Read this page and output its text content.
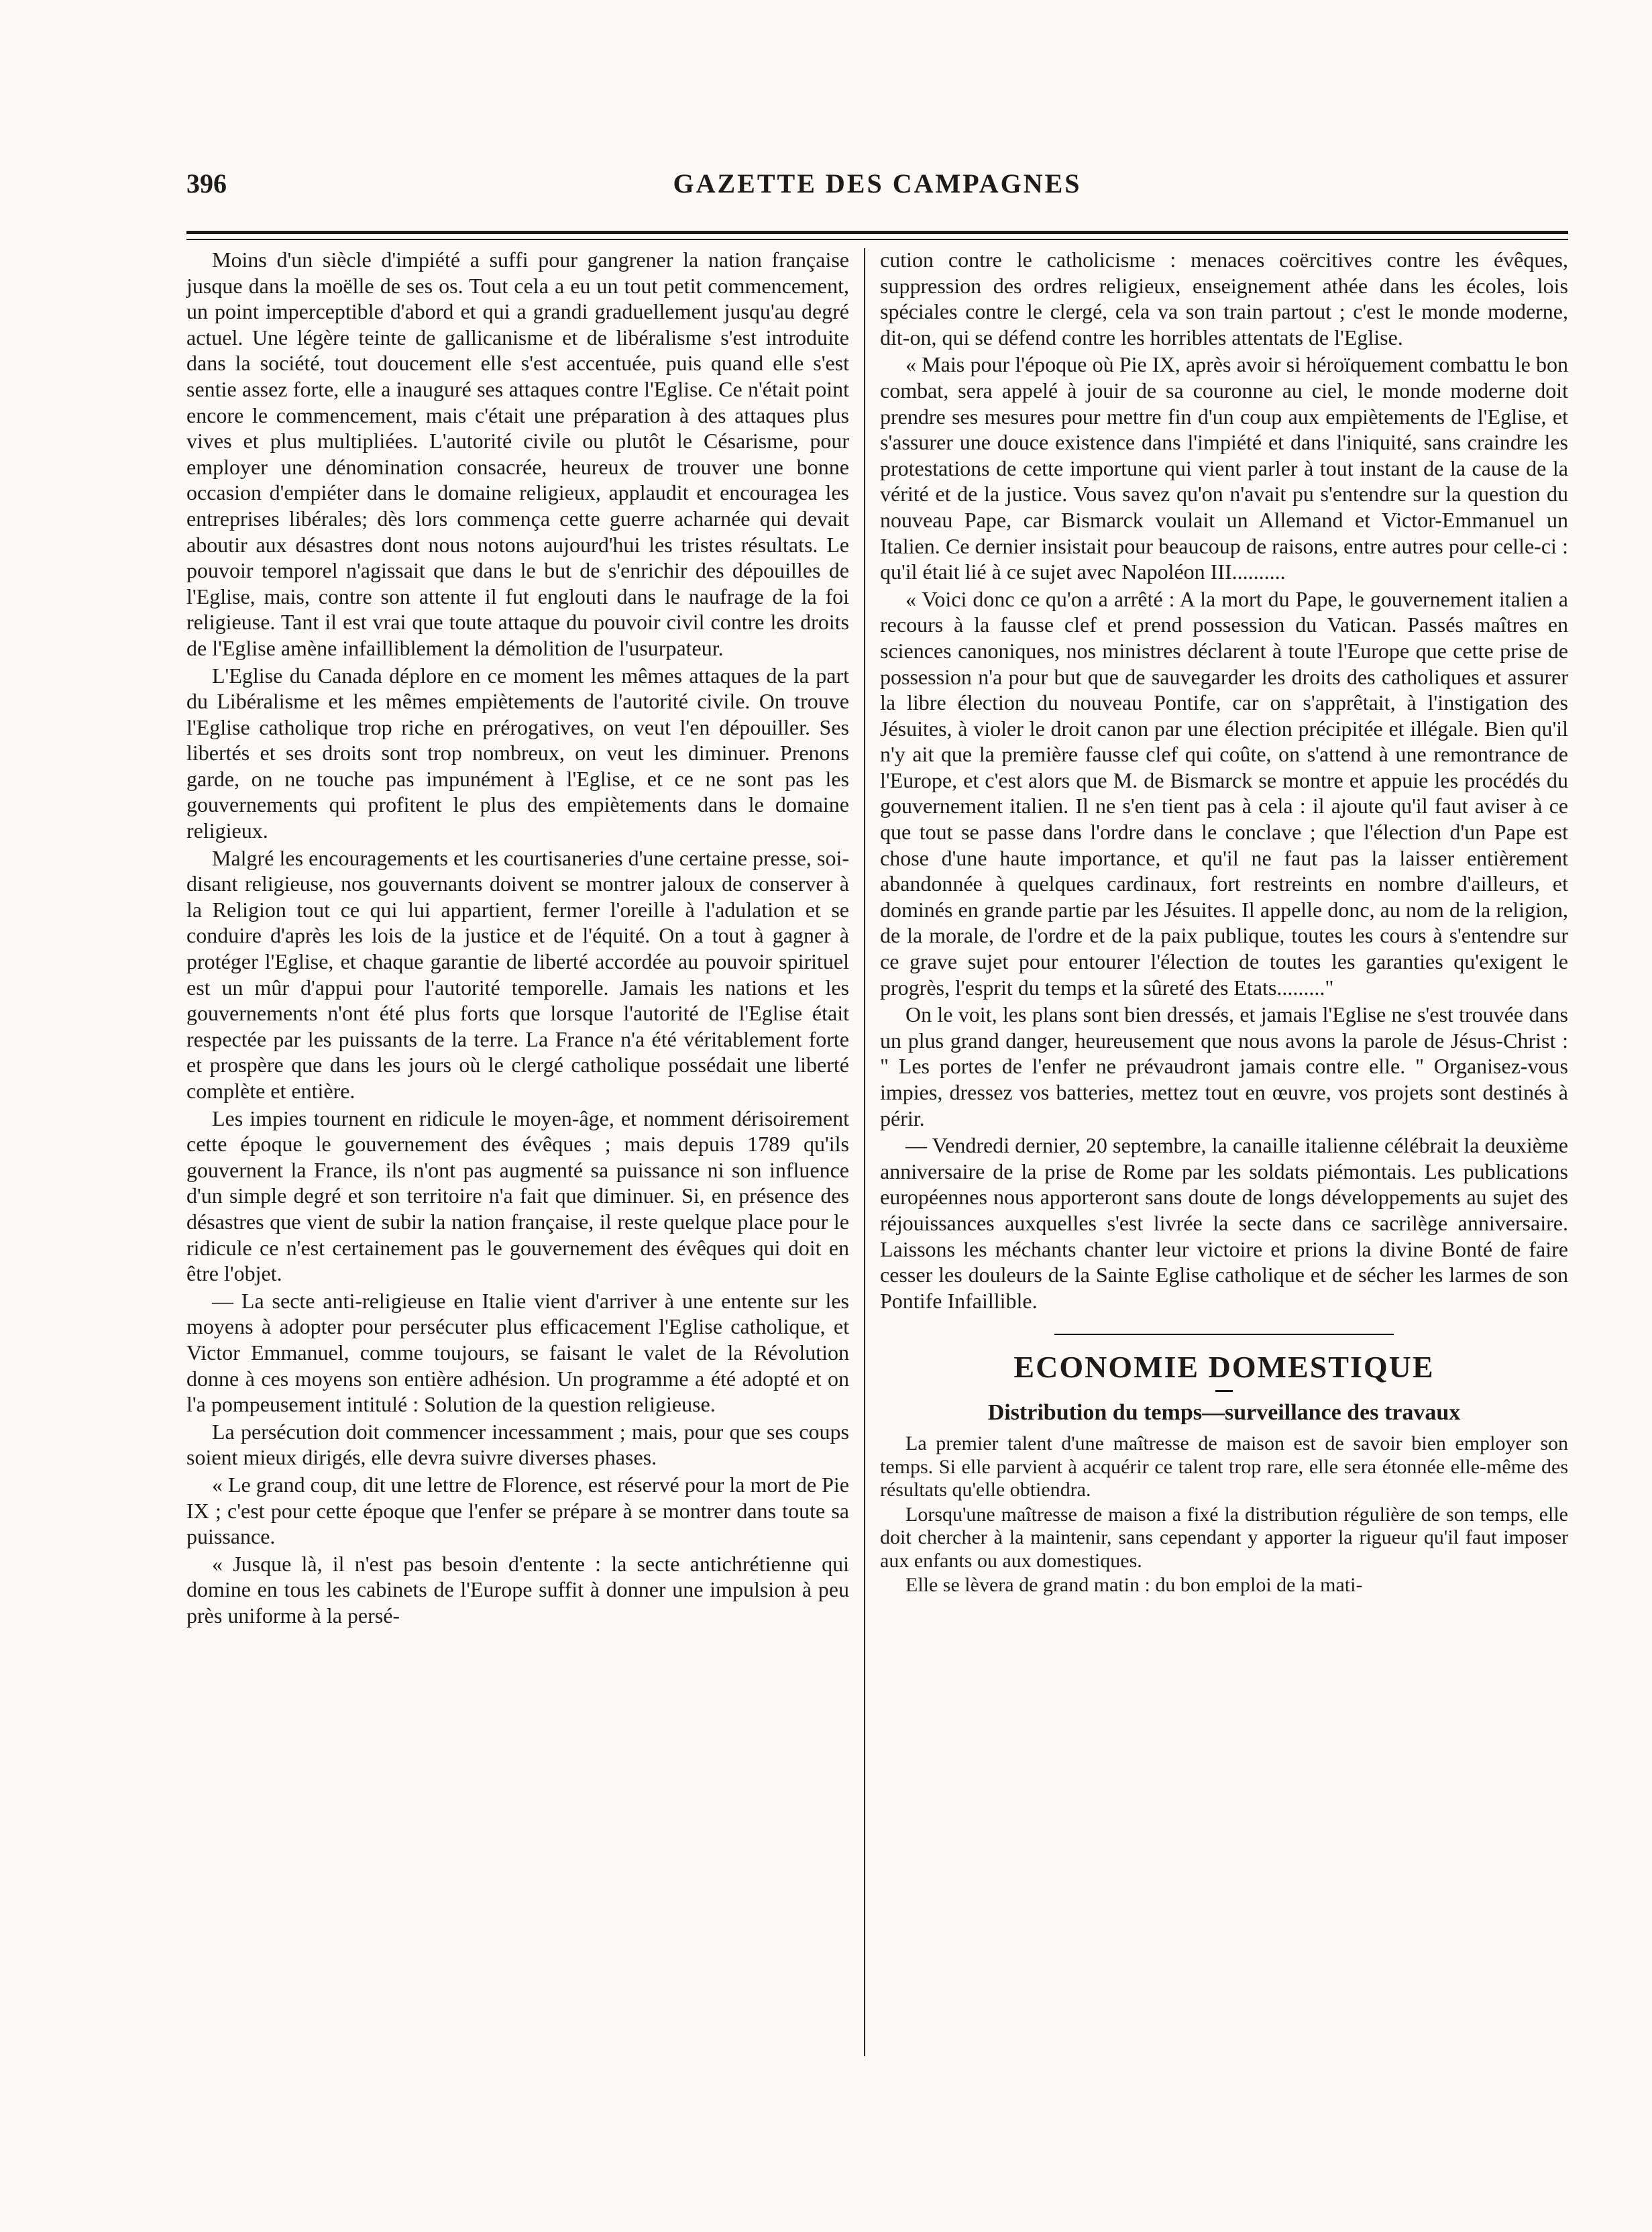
396	GAZETTE DES CAMPAGNES

Moins d'un siècle d'impiété a suffi pour gangrener la nation française jusque dans la moëlle de ses os. Tout cela a eu un tout petit commencement, un point imperceptible d'abord et qui a grandi graduellement jusqu'au degré actuel. Une légère teinte de gallicanisme et de libéralisme s'est introduite dans la société, tout doucement elle s'est accentuée, puis quand elle s'est sentie assez forte, elle a inauguré ses attaques contre l'Eglise. Ce n'était point encore le commencement, mais c'était une préparation à des attaques plus vives et plus multipliées. L'autorité civile ou plutôt le Césarisme, pour employer une dénomination consacrée, heureux de trouver une bonne occasion d'empiéter dans le domaine religieux, applaudit et encouragea les entreprises libérales; dès lors commença cette guerre acharnée qui devait aboutir aux désastres dont nous notons aujourd'hui les tristes résultats. Le pouvoir temporel n'agissait que dans le but de s'enrichir des dépouilles de l'Eglise, mais, contre son attente il fut englouti dans le naufrage de la foi religieuse. Tant il est vrai que toute attaque du pouvoir civil contre les droits de l'Eglise amène infailliblement la démolition de l'usurpateur.

L'Eglise du Canada déplore en ce moment les mêmes attaques de la part du Libéralisme et les mêmes empiètements de l'autorité civile. On trouve l'Eglise catholique trop riche en prérogatives, on veut l'en dépouiller. Ses libertés et ses droits sont trop nombreux, on veut les diminuer. Prenons garde, on ne touche pas impunément à l'Eglise, et ce ne sont pas les gouvernements qui profitent le plus des empiètements dans le domaine religieux.

Malgré les encouragements et les courtisaneries d'une certaine presse, soi-disant religieuse, nos gouvernants doivent se montrer jaloux de conserver à la Religion tout ce qui lui appartient, fermer l'oreille à l'adulation et se conduire d'après les lois de la justice et de l'équité. On a tout à gagner à protéger l'Eglise, et chaque garantie de liberté accordée au pouvoir spirituel est un mûr d'appui pour l'autorité temporelle. Jamais les nations et les gouvernements n'ont été plus forts que lorsque l'autorité de l'Eglise était respectée par les puissants de la terre. La France n'a été véritablement forte et prospère que dans les jours où le clergé catholique possédait une liberté complète et entière.

Les impies tournent en ridicule le moyen-âge, et nomment dérisoirement cette époque le gouvernement des évêques ; mais depuis 1789 qu'ils gouvernent la France, ils n'ont pas augmenté sa puissance ni son influence d'un simple degré et son territoire n'a fait que diminuer. Si, en présence des désastres que vient de subir la nation française, il reste quelque place pour le ridicule ce n'est certainement pas le gouvernement des évêques qui doit en être l'objet.

— La secte anti-religieuse en Italie vient d'arriver à une entente sur les moyens à adopter pour persécuter plus efficacement l'Eglise catholique, et Victor Emmanuel, comme toujours, se faisant le valet de la Révolution donne à ces moyens son entière adhésion. Un programme a été adopté et on l'a pompeusement intitulé : Solution de la question religieuse.

La persécution doit commencer incessamment ; mais, pour que ses coups soient mieux dirigés, elle devra suivre diverses phases.

« Le grand coup, dit une lettre de Florence, est réservé pour la mort de Pie IX ; c'est pour cette époque que l'enfer se prépare à se montrer dans toute sa puissance.

« Jusque là, il n'est pas besoin d'entente : la secte antichrétienne qui domine en tous les cabinets de l'Europe suffit à donner une impulsion à peu près uniforme à la persé-

cution contre le catholicisme : menaces coërcitives contre les évêques, suppression des ordres religieux, enseignement athée dans les écoles, lois spéciales contre le clergé, cela va son train partout ; c'est le monde moderne, dit-on, qui se défend contre les horribles attentats de l'Eglise.

« Mais pour l'époque où Pie IX, après avoir si héroïquement combattu le bon combat, sera appelé à jouir de sa couronne au ciel, le monde moderne doit prendre ses mesures pour mettre fin d'un coup aux empiètements de l'Eglise, et s'assurer une douce existence dans l'impiété et dans l'iniquité, sans craindre les protestations de cette importune qui vient parler à tout instant de la cause de la vérité et de la justice. Vous savez qu'on n'avait pu s'entendre sur la question du nouveau Pape, car Bismarck voulait un Allemand et Victor-Emmanuel un Italien. Ce dernier insistait pour beaucoup de raisons, entre autres pour celle-ci : qu'il était lié à ce sujet avec Napoléon III..........

« Voici donc ce qu'on a arrêté : A la mort du Pape, le gouvernement italien a recours à la fausse clef et prend possession du Vatican. Passés maîtres en sciences canoniques, nos ministres déclarent à toute l'Europe que cette prise de possession n'a pour but que de sauvegarder les droits des catholiques et assurer la libre élection du nouveau Pontife, car on s'apprêtait, à l'instigation des Jésuites, à violer le droit canon par une élection précipitée et illégale. Bien qu'il n'y ait que la première fausse clef qui coûte, on s'attend à une remontrance de l'Europe, et c'est alors que M. de Bismarck se montre et appuie les procédés du gouvernement italien. Il ne s'en tient pas à cela : il ajoute qu'il faut aviser à ce que tout se passe dans l'ordre dans le conclave ; que l'élection d'un Pape est chose d'une haute importance, et qu'il ne faut pas la laisser entièrement abandonnée à quelques cardinaux, fort restreints en nombre d'ailleurs, et dominés en grande partie par les Jésuites. Il appelle donc, au nom de la religion, de la morale, de l'ordre et de la paix publique, toutes les cours à s'entendre sur ce grave sujet pour entourer l'élection de toutes les garanties qu'exigent le progrès, l'esprit du temps et la sûreté des Etats........."

On le voit, les plans sont bien dressés, et jamais l'Eglise ne s'est trouvée dans un plus grand danger, heureusement que nous avons la parole de Jésus-Christ : " Les portes de l'enfer ne prévaudront jamais contre elle. " Organisez-vous impies, dressez vos batteries, mettez tout en œuvre, vos projets sont destinés à périr.

— Vendredi dernier, 20 septembre, la canaille italienne célébrait la deuxième anniversaire de la prise de Rome par les soldats piémontais. Les publications européennes nous apporteront sans doute de longs développements au sujet des réjouissances auxquelles s'est livrée la secte dans ce sacrilège anniversaire. Laissons les méchants chanter leur victoire et prions la divine Bonté de faire cesser les douleurs de la Sainte Eglise catholique et de sécher les larmes de son Pontife Infaillible.

ECONOMIE DOMESTIQUE
Distribution du temps—surveillance des travaux

La premier talent d'une maîtresse de maison est de savoir bien employer son temps. Si elle parvient à acquérir ce talent trop rare, elle sera étonnée elle-même des résultats qu'elle obtiendra.

Lorsqu'une maîtresse de maison a fixé la distribution régulière de son temps, elle doit chercher à la maintenir, sans cependant y apporter la rigueur qu'il faut imposer aux enfants ou aux domestiques.

Elle se lèvera de grand matin : du bon emploi de la mati-
